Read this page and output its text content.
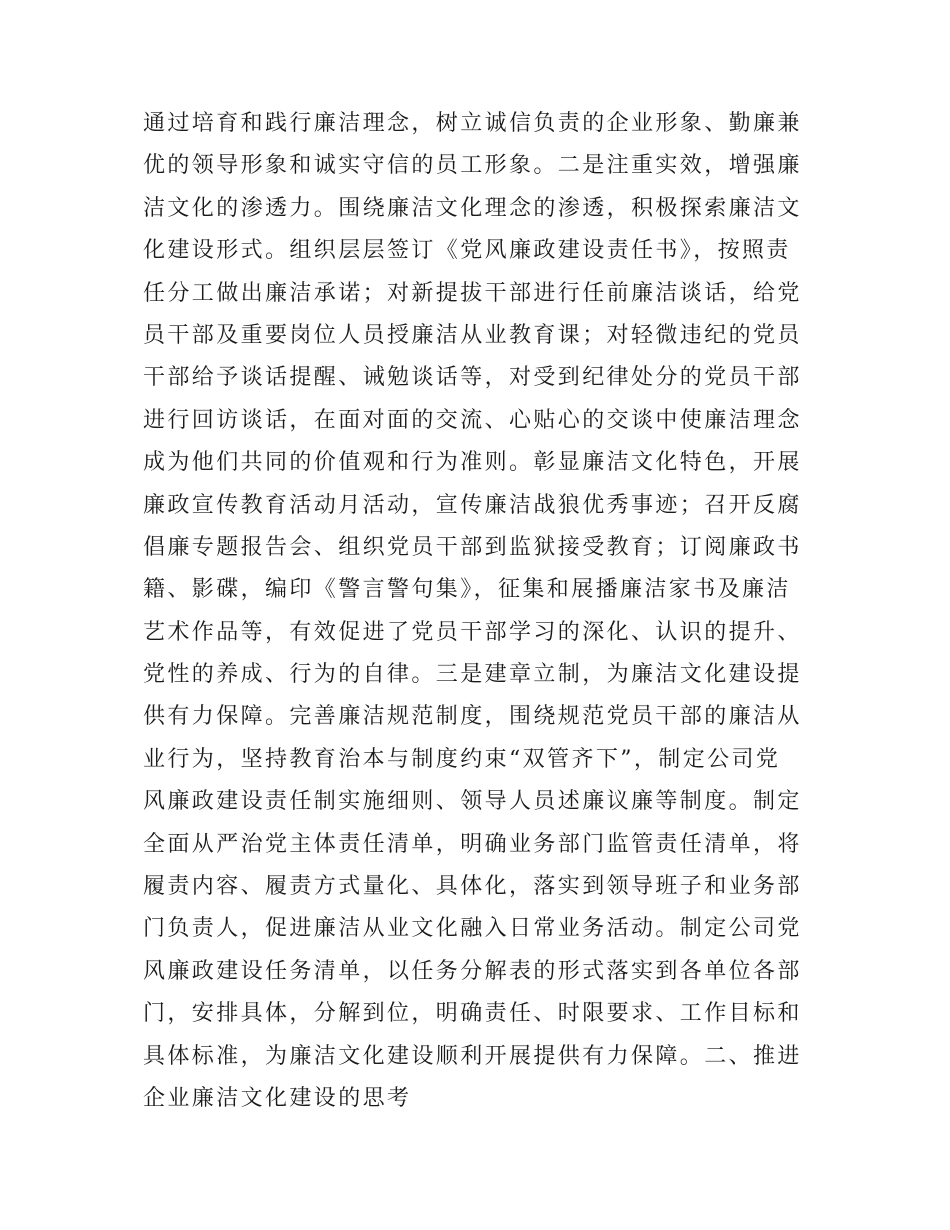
通过培育和践行廉洁理念，树立诚信负责的企业形象、勤廉兼
优的领导形象和诚实守信的员工形象。二是注重实效，增强廉
洁文化的渗透力。围绕廉洁文化理念的渗透，积极探索廉洁文
化建设形式。组织层层签订《党风廉政建设责任书》，按照责
任分工做出廉洁承诺；对新提拔干部进行任前廉洁谈话，给党
员干部及重要岗位人员授廉洁从业教育课；对轻微违纪的党员
干部给予谈话提醒、诫勉谈话等，对受到纪律处分的党员干部
进行回访谈话，在面对面的交流、心贴心的交谈中使廉洁理念
成为他们共同的价值观和行为准则。彰显廉洁文化特色，开展
廉政宣传教育活动月活动，宣传廉洁战狼优秀事迹；召开反腐
倡廉专题报告会、组织党员干部到监狱接受教育；订阅廉政书
籍、影碟，编印《警言警句集》，征集和展播廉洁家书及廉洁
艺术作品等，有效促进了党员干部学习的深化、认识的提升、
党性的养成、行为的自律。三是建章立制，为廉洁文化建设提
供有力保障。完善廉洁规范制度，围绕规范党员干部的廉洁从
业行为，坚持教育治本与制度约束“双管齐下”，制定公司党
风廉政建设责任制实施细则、领导人员述廉议廉等制度。制定
全面从严治党主体责任清单，明确业务部门监管责任清单，将
履责内容、履责方式量化、具体化，落实到领导班子和业务部
门负责人，促进廉洁从业文化融入日常业务活动。制定公司党
风廉政建设任务清单，以任务分解表的形式落实到各单位各部
门，安排具体，分解到位，明确责任、时限要求、工作目标和
具体标准，为廉洁文化建设顺利开展提供有力保障。二、推进
企业廉洁文化建设的思考
